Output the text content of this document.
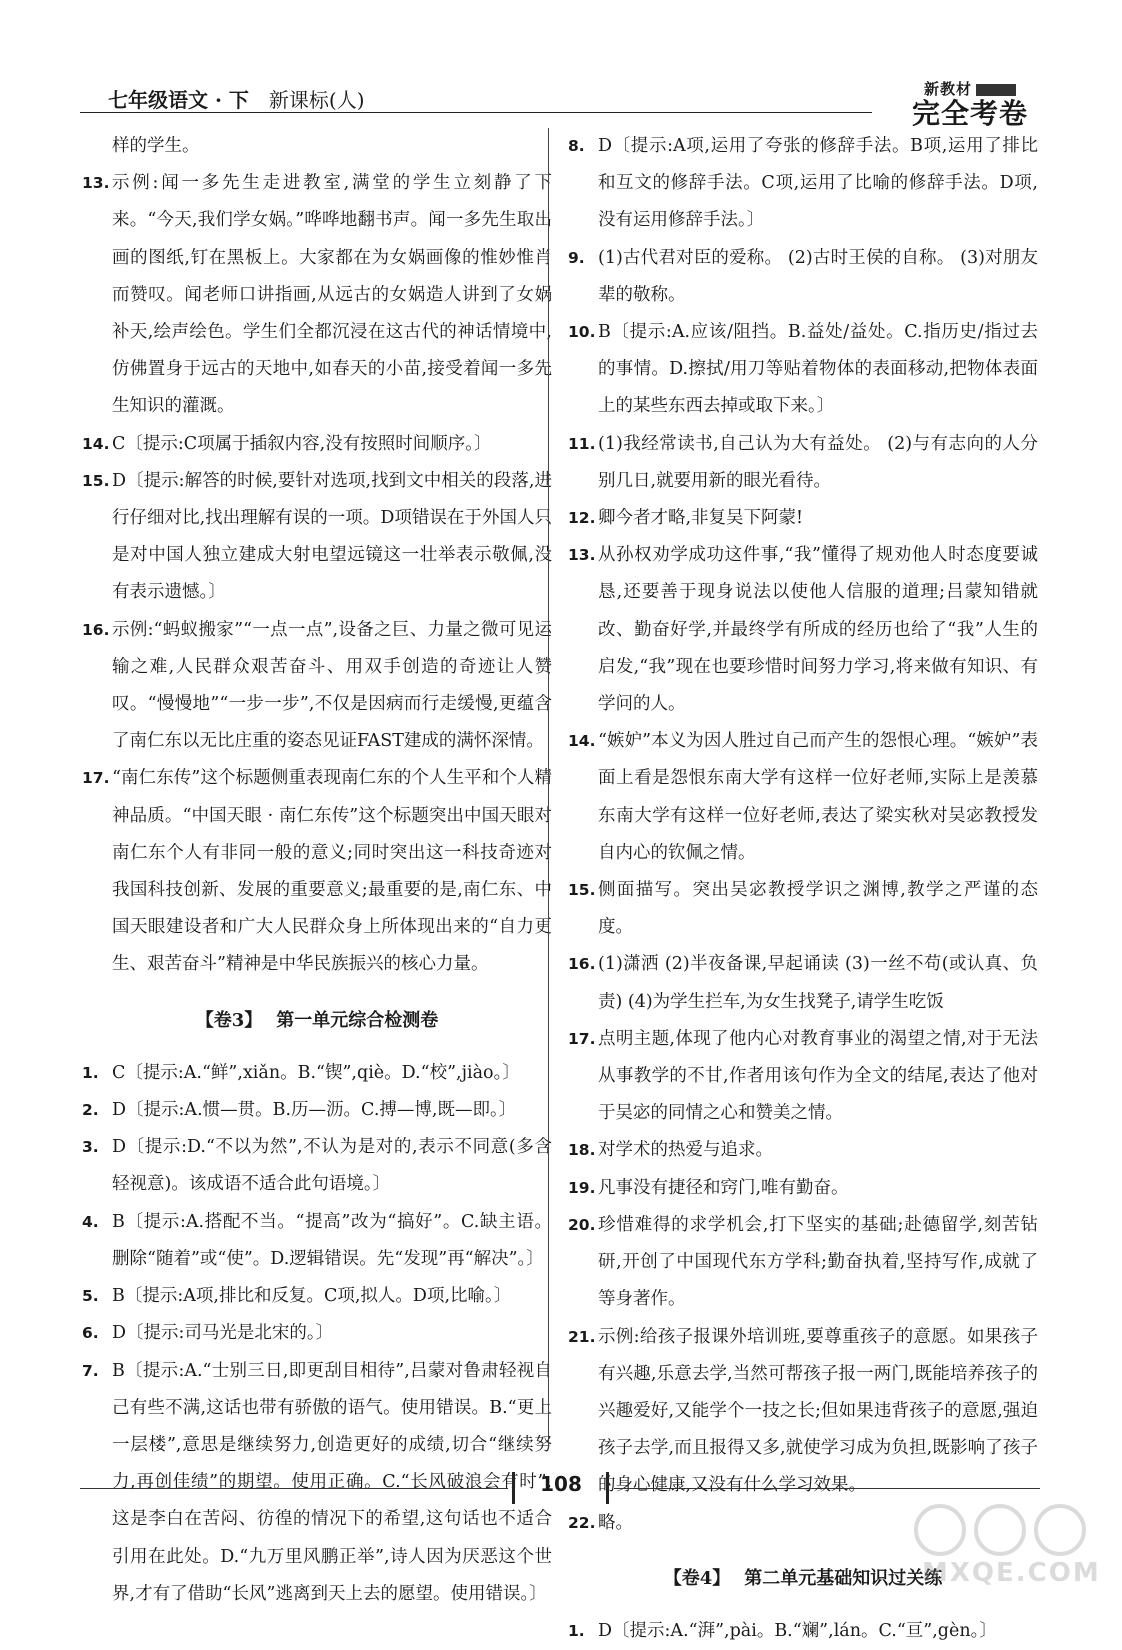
七年级语文 · 下 新课标(人)	新教材
完全考卷
样的学生。
13. 示例:闻一多先生走进教室,满堂的学生立刻静了下来。“今天,我们学女娲。”哗哗地翻书声。闻一多先生取出画的图纸,钉在黑板上。大家都在为女娲画像的惟妙惟肖而赞叹。闻老师口讲指画,从远古的女娲造人讲到了女娲补天,绘声绘色。学生们全都沉浸在这古代的神话情境中,仿佛置身于远古的天地中,如春天的小苗,接受着闻一多先生知识的灌溉。
14. C〔提示:C项属于插叙内容,没有按照时间顺序。〕
15. D〔提示:解答的时候,要针对选项,找到文中相关的段落,进行仔细对比,找出理解有误的一项。D项错误在于外国人只是对中国人独立建成大射电望远镜这一壮举表示敬佩,没有表示遗憾。〕
16. 示例:“蚂蚁搬家”“一点一点”,设备之巨、力量之微可见运输之难,人民群众艰苦奋斗、用双手创造的奇迹让人赞叹。“慢慢地”“一步一步”,不仅是因病而行走缓慢,更蕴含了南仁东以无比庄重的姿态见证FAST建成的满怀深情。
17. “南仁东传”这个标题侧重表现南仁东的个人生平和个人精神品质。“中国天眼 · 南仁东传”这个标题突出中国天眼对南仁东个人有非同一般的意义;同时突出这一科技奇迹对我国科技创新、发展的重要意义;最重要的是,南仁东、中国天眼建设者和广大人民群众身上所体现出来的“自力更生、艰苦奋斗”精神是中华民族振兴的核心力量。
【卷3】 第一单元综合检测卷
1. C〔提示:A.“鲜”,xiǎn。B.“锲”,qiè。D.“校”,jiào。〕
2. D〔提示:A.惯—贯。B.历—沥。C.搏—博,既—即。〕
3. D〔提示:D.“不以为然”,不认为是对的,表示不同意(多含轻视意)。该成语不适合此句语境。〕
4. B〔提示:A.搭配不当。“提高”改为“搞好”。C.缺主语。删除“随着”或“使”。D.逻辑错误。先“发现”再“解决”。〕
5. B〔提示:A项,排比和反复。C项,拟人。D项,比喻。〕
6. D〔提示:司马光是北宋的。〕
7. B〔提示:A.“士别三日,即更刮目相待”,吕蒙对鲁肃轻视自己有些不满,这话也带有骄傲的语气。使用错误。B.“更上一层楼”,意思是继续努力,创造更好的成绩,切合“继续努力,再创佳绩”的期望。使用正确。C.“长风破浪会有时”,这是李白在苦闷、彷徨的情况下的希望,这句话也不适合引用在此处。D.“九万里风鹏正举”,诗人因为厌恶这个世界,才有了借助“长风”逃离到天上去的愿望。使用错误。〕
8. D〔提示:A项,运用了夸张的修辞手法。B项,运用了排比和互文的修辞手法。C项,运用了比喻的修辞手法。D项,没有运用修辞手法。〕
9. (1)古代君对臣的爱称。 (2)古时王侯的自称。 (3)对朋友辈的敬称。
10. B〔提示:A.应该/阻挡。B.益处/益处。C.指历史/指过去的事情。D.擦拭/用刀等贴着物体的表面移动,把物体表面上的某些东西去掉或取下来。〕
11. (1)我经常读书,自己认为大有益处。 (2)与有志向的人分别几日,就要用新的眼光看待。
12. 卿今者才略,非复吴下阿蒙!
13. 从孙权劝学成功这件事,“我”懂得了规劝他人时态度要诚恳,还要善于现身说法以使他人信服的道理;吕蒙知错就改、勤奋好学,并最终学有所成的经历也给了“我”人生的启发,“我”现在也要珍惜时间努力学习,将来做有知识、有学问的人。
14. “嫉妒”本义为因人胜过自己而产生的怨恨心理。“嫉妒”表面上看是怨恨东南大学有这样一位好老师,实际上是羡慕东南大学有这样一位好老师,表达了梁实秋对吴宓教授发自内心的钦佩之情。
15. 侧面描写。突出吴宓教授学识之渊博,教学之严谨的态度。
16. (1)潇洒 (2)半夜备课,早起诵读 (3)一丝不苟(或认真、负责) (4)为学生拦车,为女生找凳子,请学生吃饭
17. 点明主题,体现了他内心对教育事业的渴望之情,对于无法从事教学的不甘,作者用该句作为全文的结尾,表达了他对于吴宓的同情之心和赞美之情。
18. 对学术的热爱与追求。
19. 凡事没有捷径和窍门,唯有勤奋。
20. 珍惜难得的求学机会,打下坚实的基础;赴德留学,刻苦钻研,开创了中国现代东方学科;勤奋执着,坚持写作,成就了等身著作。
21. 示例:给孩子报课外培训班,要尊重孩子的意愿。如果孩子有兴趣,乐意去学,当然可帮孩子报一两门,既能培养孩子的兴趣爱好,又能学个一技之长;但如果违背孩子的意愿,强迫孩子去学,而且报得又多,就使学习成为负担,既影响了孩子的身心健康,又没有什么学习效果。
22. 略。
【卷4】 第二单元基础知识过关练
1. D〔提示:A.“湃”,pài。B.“斓”,lán。C.“亘”,gèn。〕
108
MXQE.COM
